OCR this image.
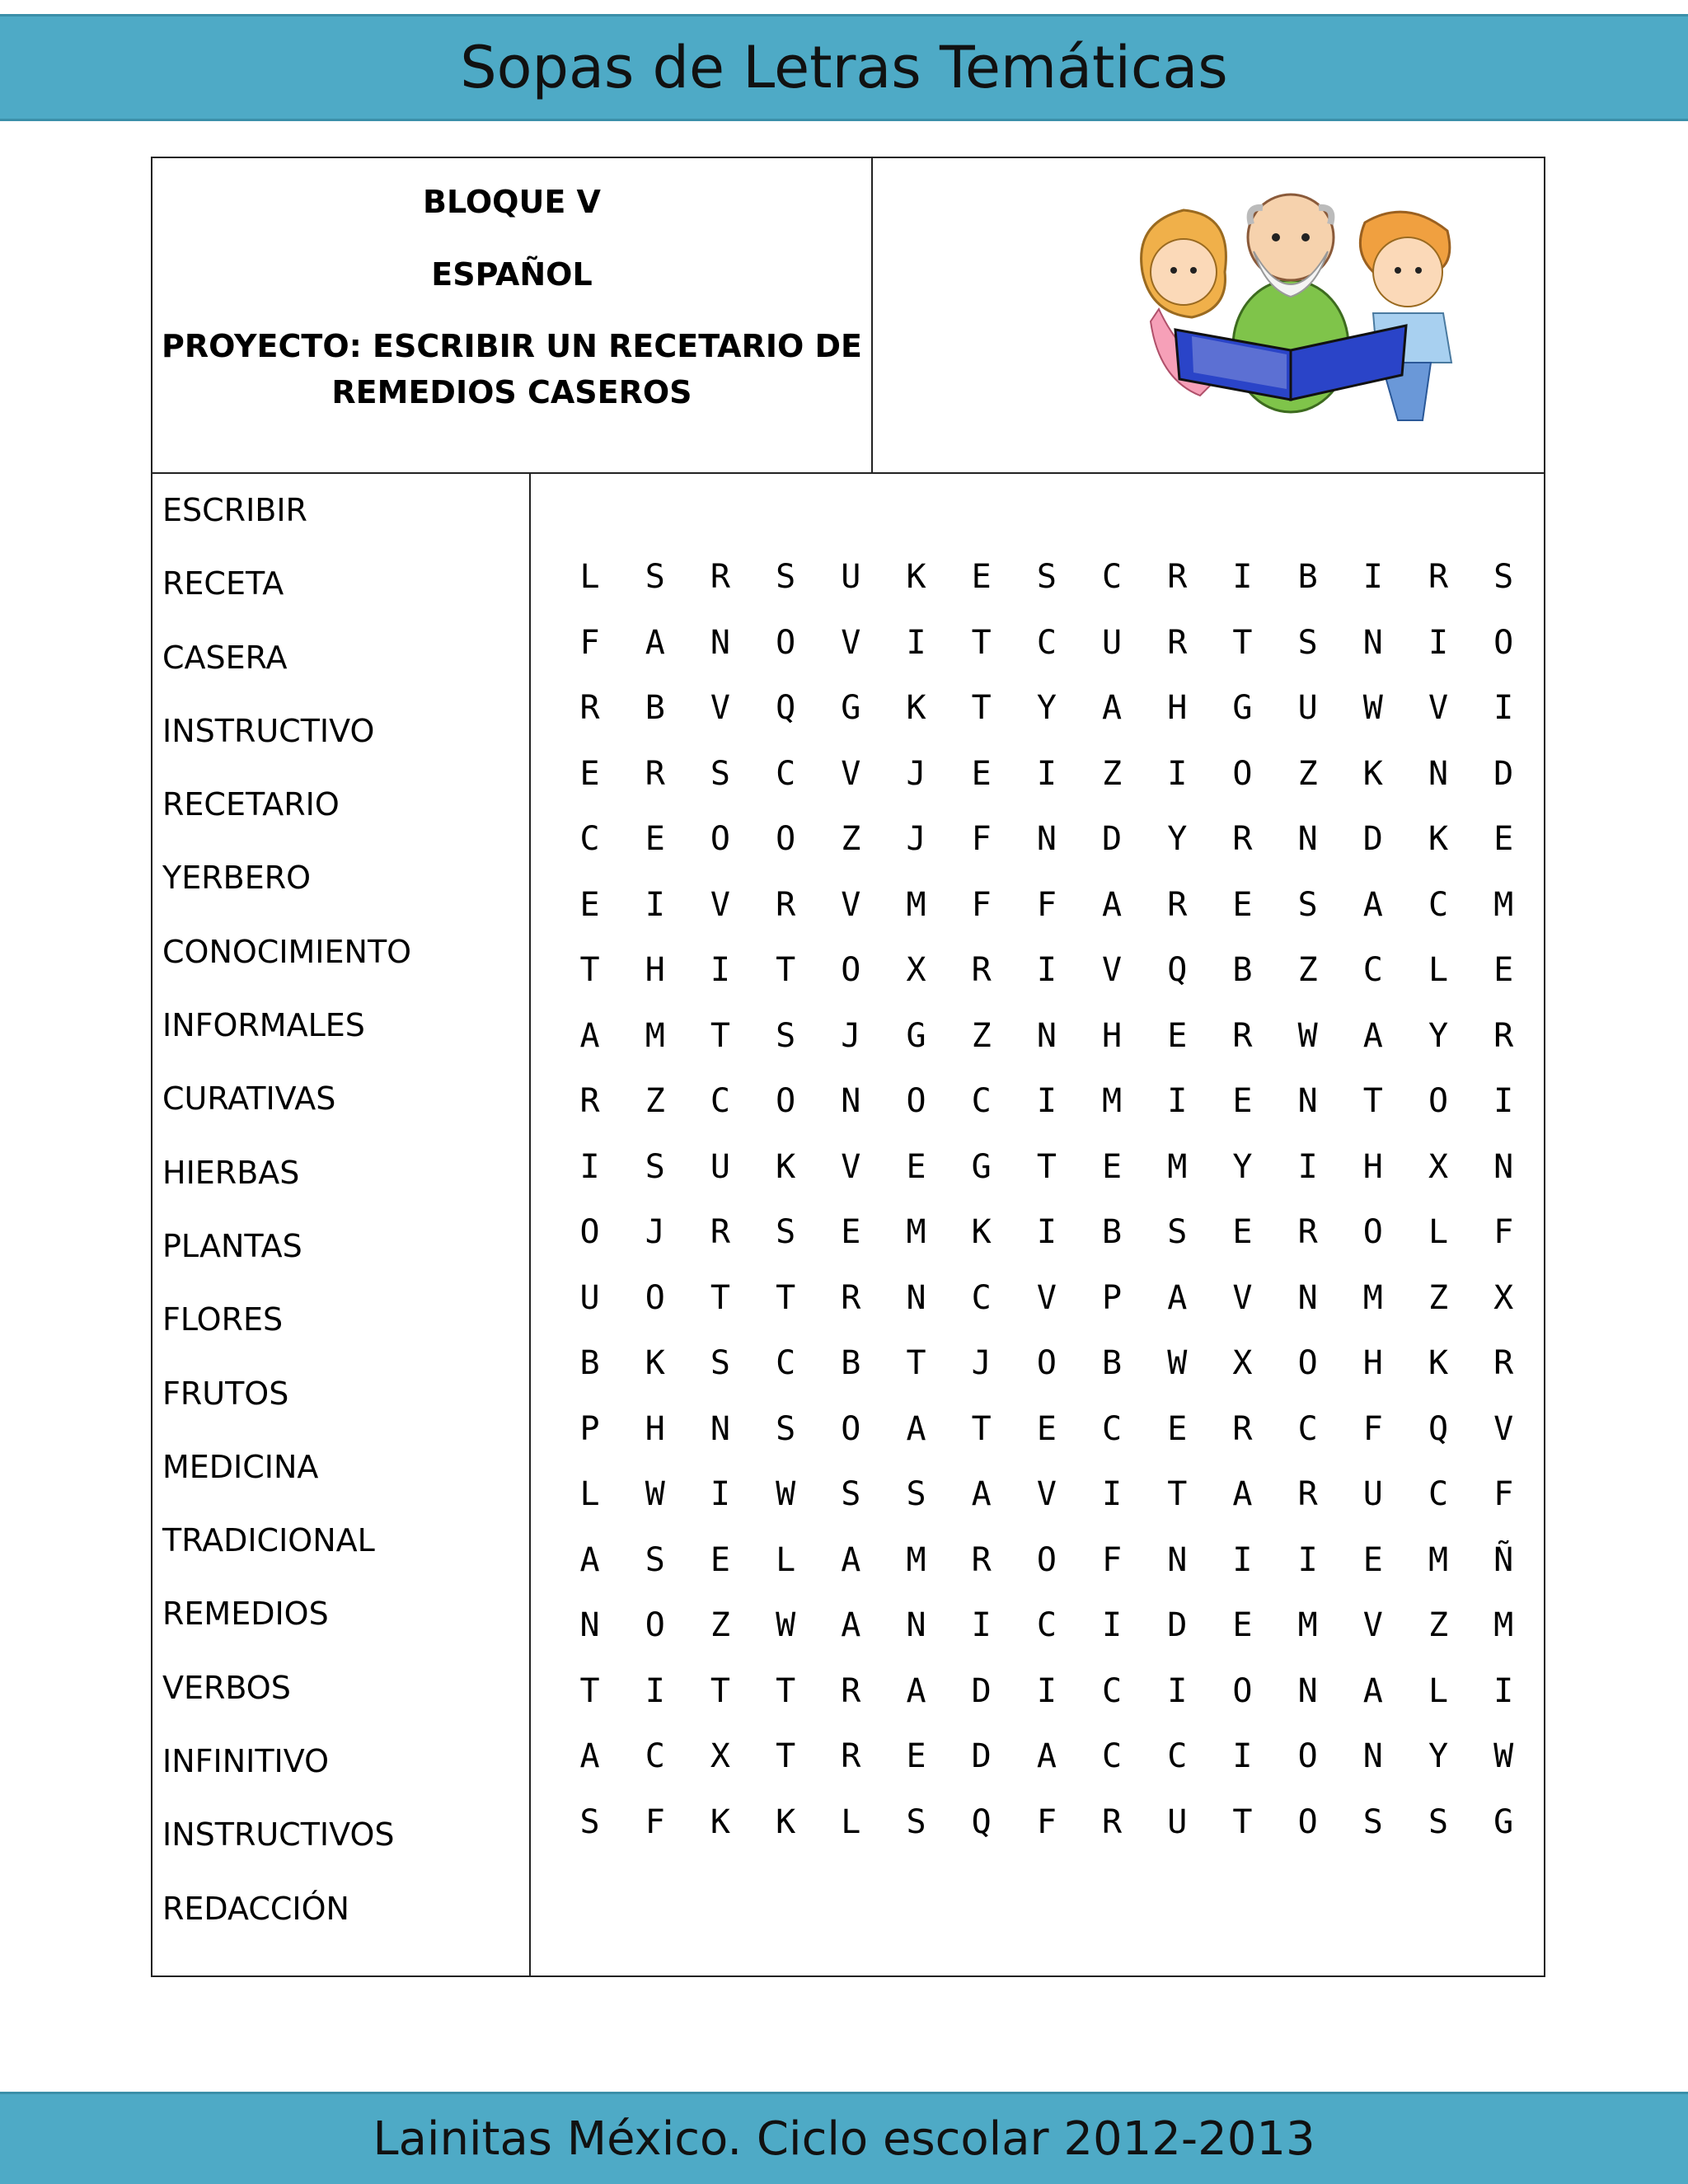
Sopas de Letras Temáticas
BLOQUE V
ESPAÑOL
PROYECTO: ESCRIBIR UN RECETARIO DE REMEDIOS CASEROS
ESCRIBIR
RECETA
CASERA
INSTRUCTIVO
RECETARIO
YERBERO
CONOCIMIENTO
INFORMALES
CURATIVAS
HIERBAS
PLANTAS
FLORES
FRUTOS
MEDICINA
TRADICIONAL
REMEDIOS
VERBOS
INFINITIVO
INSTRUCTIVOS
REDACCIÓN
L	S	R	S	U	K	E	S	C	R	I	B	I	R	S
F	A	N	O	V	I	T	C	U	R	T	S	N	I	O
R	B	V	Q	G	K	T	Y	A	H	G	U	W	V	I
E	R	S	C	V	J	E	I	Z	I	O	Z	K	N	D
C	E	O	O	Z	J	F	N	D	Y	R	N	D	K	E
E	I	V	R	V	M	F	F	A	R	E	S	A	C	M
T	H	I	T	O	X	R	I	V	Q	B	Z	C	L	E
A	M	T	S	J	G	Z	N	H	E	R	W	A	Y	R
R	Z	C	O	N	O	C	I	M	I	E	N	T	O	I
I	S	U	K	V	E	G	T	E	M	Y	I	H	X	N
O	J	R	S	E	M	K	I	B	S	E	R	O	L	F
U	O	T	T	R	N	C	V	P	A	V	N	M	Z	X
B	K	S	C	B	T	J	O	B	W	X	O	H	K	R
P	H	N	S	O	A	T	E	C	E	R	C	F	Q	V
L	W	I	W	S	S	A	V	I	T	A	R	U	C	F
A	S	E	L	A	M	R	O	F	N	I	I	E	M	Ñ
N	O	Z	W	A	N	I	C	I	D	E	M	V	Z	M
T	I	T	T	R	A	D	I	C	I	O	N	A	L	I
A	C	X	T	R	E	D	A	C	C	I	O	N	Y	W
S	F	K	K	L	S	Q	F	R	U	T	O	S	S	G
Lainitas México. Ciclo escolar 2012-2013
